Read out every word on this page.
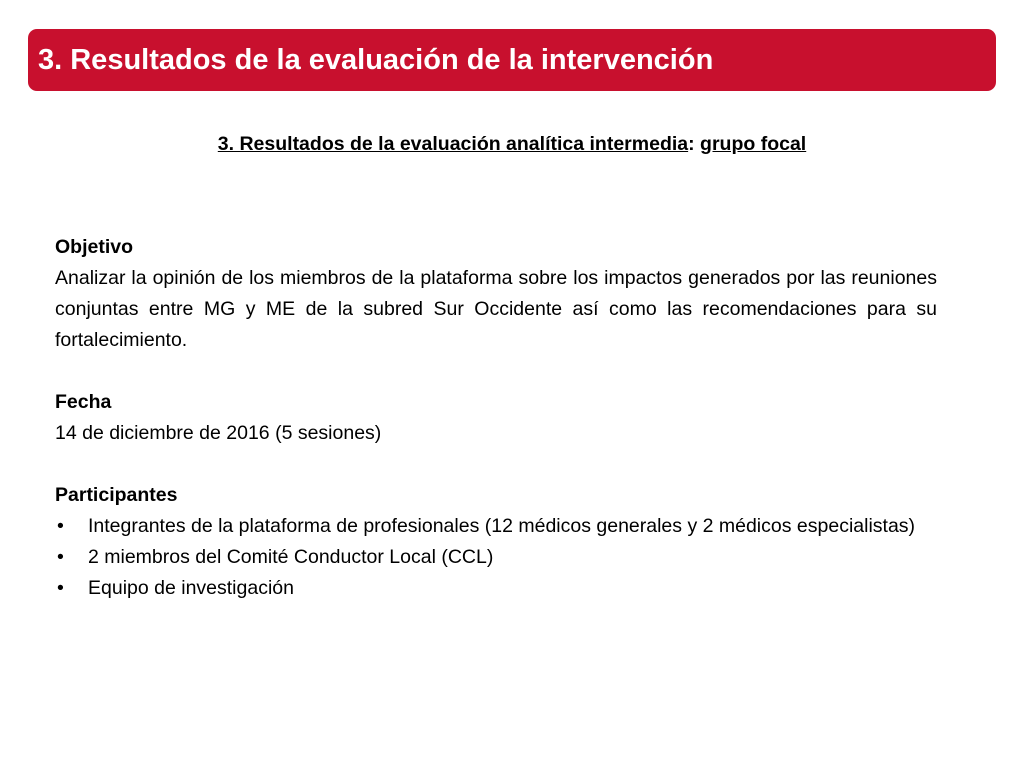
3. Resultados de la evaluación de la intervención
3. Resultados de la evaluación analítica intermedia: grupo focal
Objetivo
Analizar la opinión de los miembros de la plataforma sobre los impactos generados por las reuniones conjuntas entre MG y ME de la subred Sur Occidente así como las recomendaciones para su fortalecimiento.
Fecha
14 de diciembre de 2016 (5 sesiones)
Participantes
• Integrantes de la plataforma de profesionales (12 médicos generales y 2 médicos especialistas)
• 2 miembros del Comité Conductor Local (CCL)
• Equipo de investigación
